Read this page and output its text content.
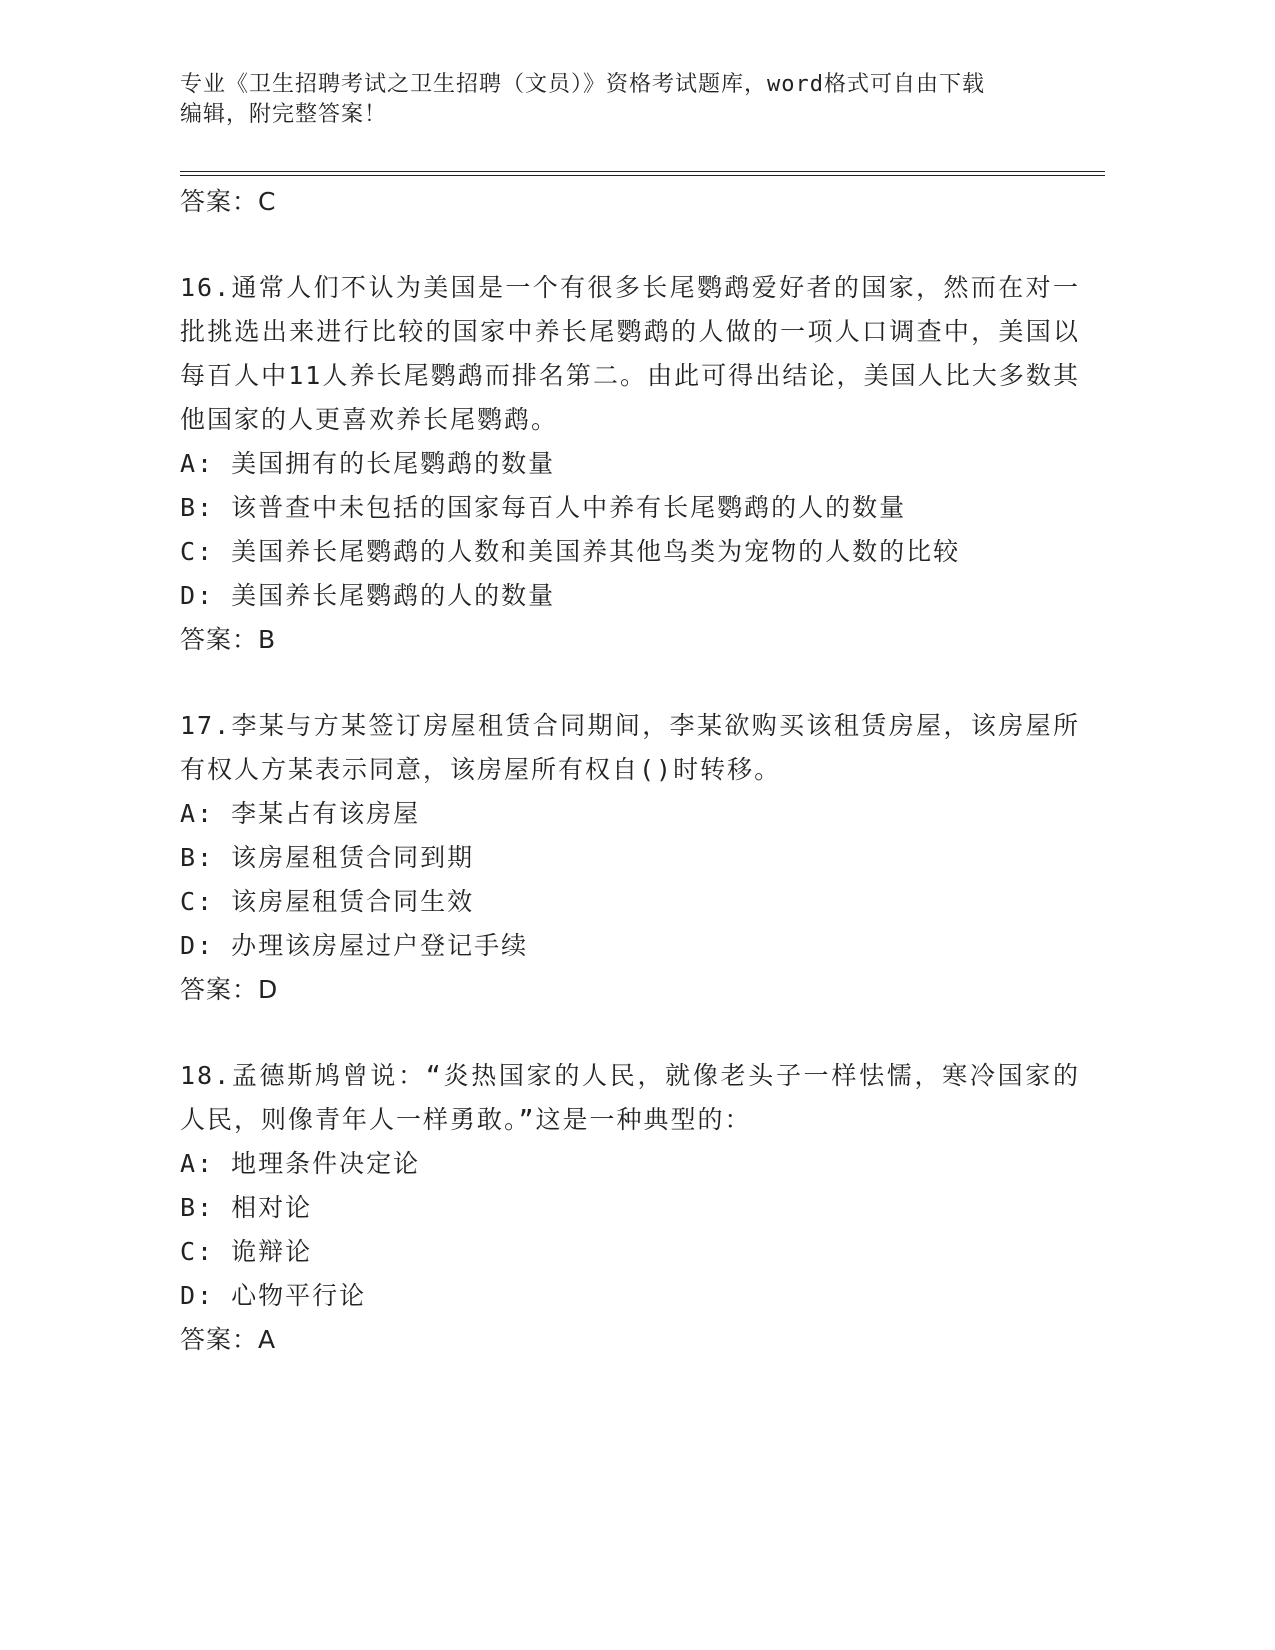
专业《卫生招聘考试之卫生招聘（文员）》资格考试题库，word格式可自由下载
编辑，附完整答案！

答案：C

16.通常人们不认为美国是一个有很多长尾鹦鹉爱好者的国家，然而在对一批挑选出来进行比较的国家中养长尾鹦鹉的人做的一项人口调查中，美国以每百人中11人养长尾鹦鹉而排名第二。由此可得出结论，美国人比大多数其他国家的人更喜欢养长尾鹦鹉。

A: 美国拥有的长尾鹦鹉的数量

B: 该普查中未包括的国家每百人中养有长尾鹦鹉的人的数量

C: 美国养长尾鹦鹉的人数和美国养其他鸟类为宠物的人数的比较

D: 美国养长尾鹦鹉的人的数量

答案：B

17.李某与方某签订房屋租赁合同期间，李某欲购买该租赁房屋，该房屋所有权人方某表示同意，该房屋所有权自()时转移。

A: 李某占有该房屋

B: 该房屋租赁合同到期

C: 该房屋租赁合同生效

D: 办理该房屋过户登记手续

答案：D

18.孟德斯鸠曾说：“炎热国家的人民，就像老头子一样怯懦，寒冷国家的人民，则像青年人一样勇敢。”这是一种典型的：

A: 地理条件决定论

B: 相对论

C: 诡辩论

D: 心物平行论

答案：A
